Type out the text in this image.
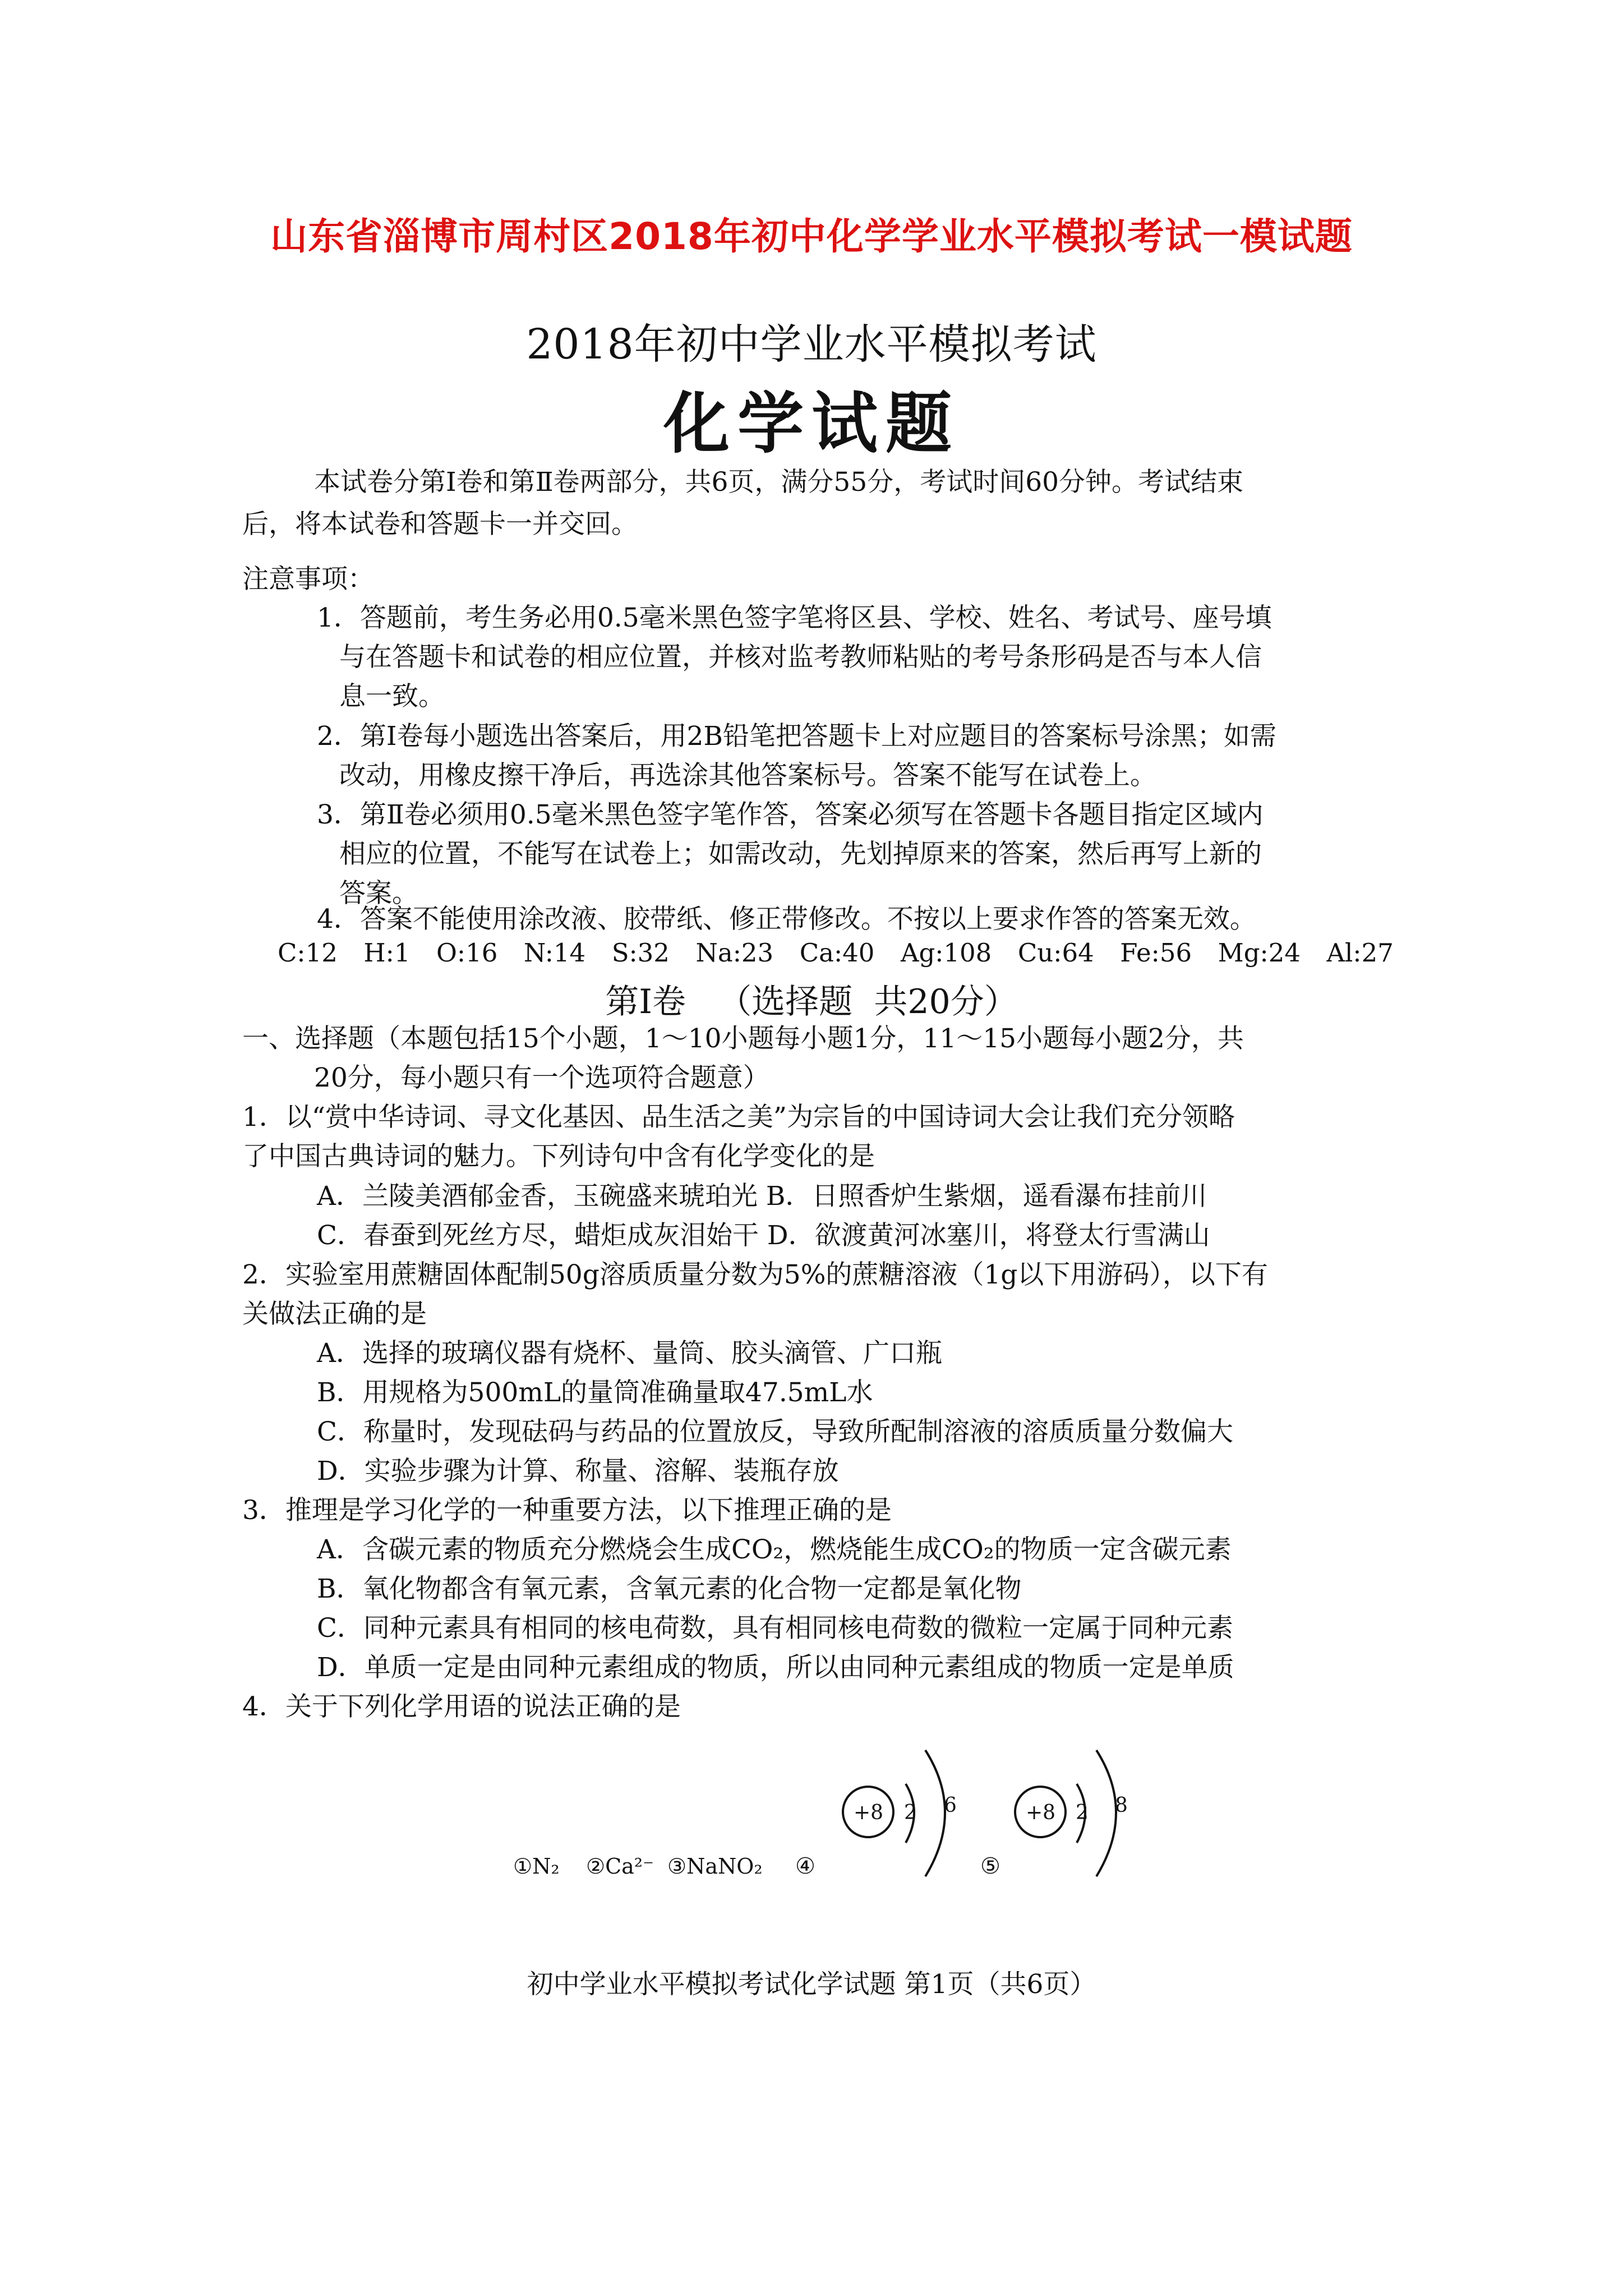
山东省淄博市周村区2018年初中化学学业水平模拟考试一模试题
2018年初中学业水平模拟考试
化学试题
本试卷分第Ⅰ卷和第Ⅱ卷两部分，共6页，满分55分，考试时间60分钟。考试结束
后，将本试卷和答题卡一并交回。
注意事项：
1．答题前，考生务必用0.5毫米黑色签字笔将区县、学校、姓名、考试号、座号填
与在答题卡和试卷的相应位置，并核对监考教师粘贴的考号条形码是否与本人信
息一致。
2．第Ⅰ卷每小题选出答案后，用2B铅笔把答题卡上对应题目的答案标号涂黑；如需
改动，用橡皮擦干净后，再选涂其他答案标号。答案不能写在试卷上。
3．第Ⅱ卷必须用0.5毫米黑色签字笔作答，答案必须写在答题卡各题目指定区域内
相应的位置，不能写在试卷上；如需改动，先划掉原来的答案，然后再写上新的
答案。
4．答案不能使用涂改液、胶带纸、修正带修改。不按以上要求作答的答案无效。
C:12 H:1 O:16 N:14 S:32 Na:23 Ca:40 Ag:108 Cu:64 Fe:56 Mg:24 Al:27
第Ⅰ卷   （选择题  共20分）
一、选择题（本题包括15个小题，1～10小题每小题1分，11～15小题每小题2分，共
20分，每小题只有一个选项符合题意）
1．以“赏中华诗词、寻文化基因、品生活之美”为宗旨的中国诗词大会让我们充分领略
了中国古典诗词的魅力。下列诗句中含有化学变化的是
A．兰陵美酒郁金香，玉碗盛来琥珀光 B．日照香炉生紫烟，遥看瀑布挂前川
C．春蚕到死丝方尽，蜡炬成灰泪始干 D．欲渡黄河冰塞川，将登太行雪满山
2．实验室用蔗糖固体配制50g溶质质量分数为5%的蔗糖溶液（1g以下用游码），以下有
关做法正确的是
A．选择的玻璃仪器有烧杯、量筒、胶头滴管、广口瓶
B．用规格为500mL的量筒准确量取47.5mL水
C．称量时，发现砝码与药品的位置放反，导致所配制溶液的溶质质量分数偏大
D．实验步骤为计算、称量、溶解、装瓶存放
3．推理是学习化学的一种重要方法，以下推理正确的是
A．含碳元素的物质充分燃烧会生成CO₂，燃烧能生成CO₂的物质一定含碳元素
B．氧化物都含有氧元素，含氧元素的化合物一定都是氧化物
C．同种元素具有相同的核电荷数，具有相同核电荷数的微粒一定属于同种元素
D．单质一定是由同种元素组成的物质，所以由同种元素组成的物质一定是单质
4．关于下列化学用语的说法正确的是
①N₂ ②Ca²⁻ ③NaNO₂ ④	⑤
+8 2 6	+8 2 8
初中学业水平模拟考试化学试题 第1页（共6页）
